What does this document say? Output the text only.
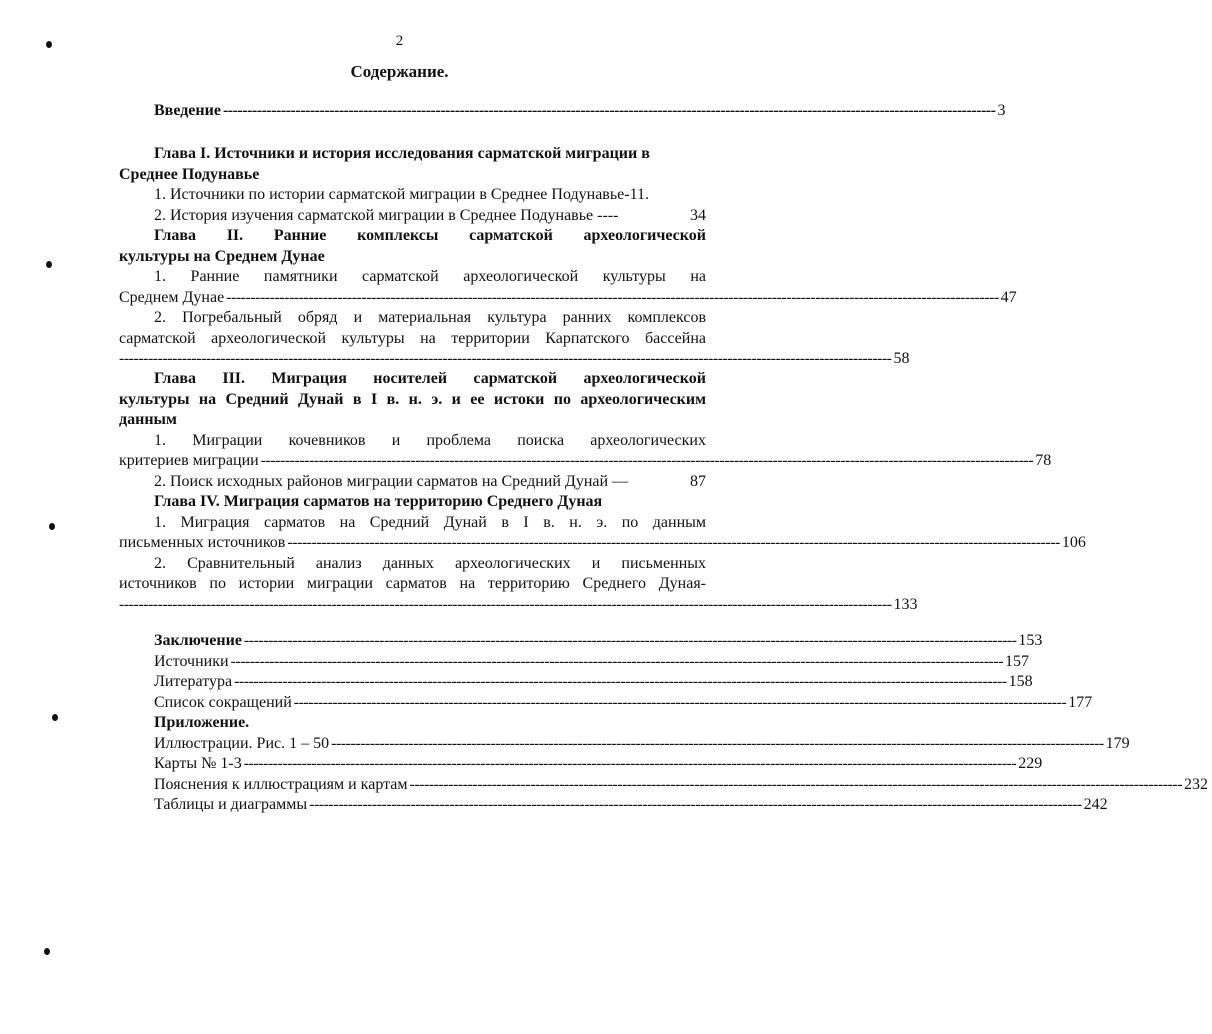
2
Содержание.
Введение ---------------------------------------------------------------------------------------------------------------------------------------------------------------- 3
Глава I. Источники и история исследования сарматской миграции в
Среднее Подунавье
1. Источники по истории сарматской миграции в Среднее Подунавье-11.
2. История изучения сарматской миграции в Среднее Подунавье ----	34
Глава II. Ранние комплексы сарматской археологической
культуры на Среднем Дунае
1. Ранние памятники сарматской археологической культуры на
Среднем Дунае ---------------------------------------------------------------------------------------------------------------------------------------------------------------- 47
2. Погребальный обряд и материальная культура ранних комплексов
сарматской археологической культуры на территории Карпатского бассейна
---------------------------------------------------------------------------------------------------------------------------------------------------------------- 58
Глава III. Миграция носителей сарматской археологической
культуры на Средний Дунай в I в. н. э. и ее истоки по археологическим
данным
1. Миграции кочевников и проблема поиска археологических
критериев миграции ---------------------------------------------------------------------------------------------------------------------------------------------------------------- 78
2. Поиск исходных районов миграции сарматов на Средний Дунай —	87
Глава IV. Миграция сарматов на территорию Среднего Дуная
1. Миграция сарматов на Средний Дунай в I в. н. э. по данным
письменных источников ---------------------------------------------------------------------------------------------------------------------------------------------------------------- 106
2. Сравнительный анализ данных археологических и письменных
источников по истории миграции сарматов на территорию Среднего Дуная-
---------------------------------------------------------------------------------------------------------------------------------------------------------------- 133
Заключение ---------------------------------------------------------------------------------------------------------------------------------------------------------------- 153
Источники ---------------------------------------------------------------------------------------------------------------------------------------------------------------- 157
Литература ---------------------------------------------------------------------------------------------------------------------------------------------------------------- 158
Список сокращений ---------------------------------------------------------------------------------------------------------------------------------------------------------------- 177
Приложение.
Иллюстрации. Рис. 1 – 50 ---------------------------------------------------------------------------------------------------------------------------------------------------------------- 179
Карты № 1-3 ---------------------------------------------------------------------------------------------------------------------------------------------------------------- 229
Пояснения к иллюстрациям и картам ---------------------------------------------------------------------------------------------------------------------------------------------------------------- 232
Таблицы и диаграммы ---------------------------------------------------------------------------------------------------------------------------------------------------------------- 242
